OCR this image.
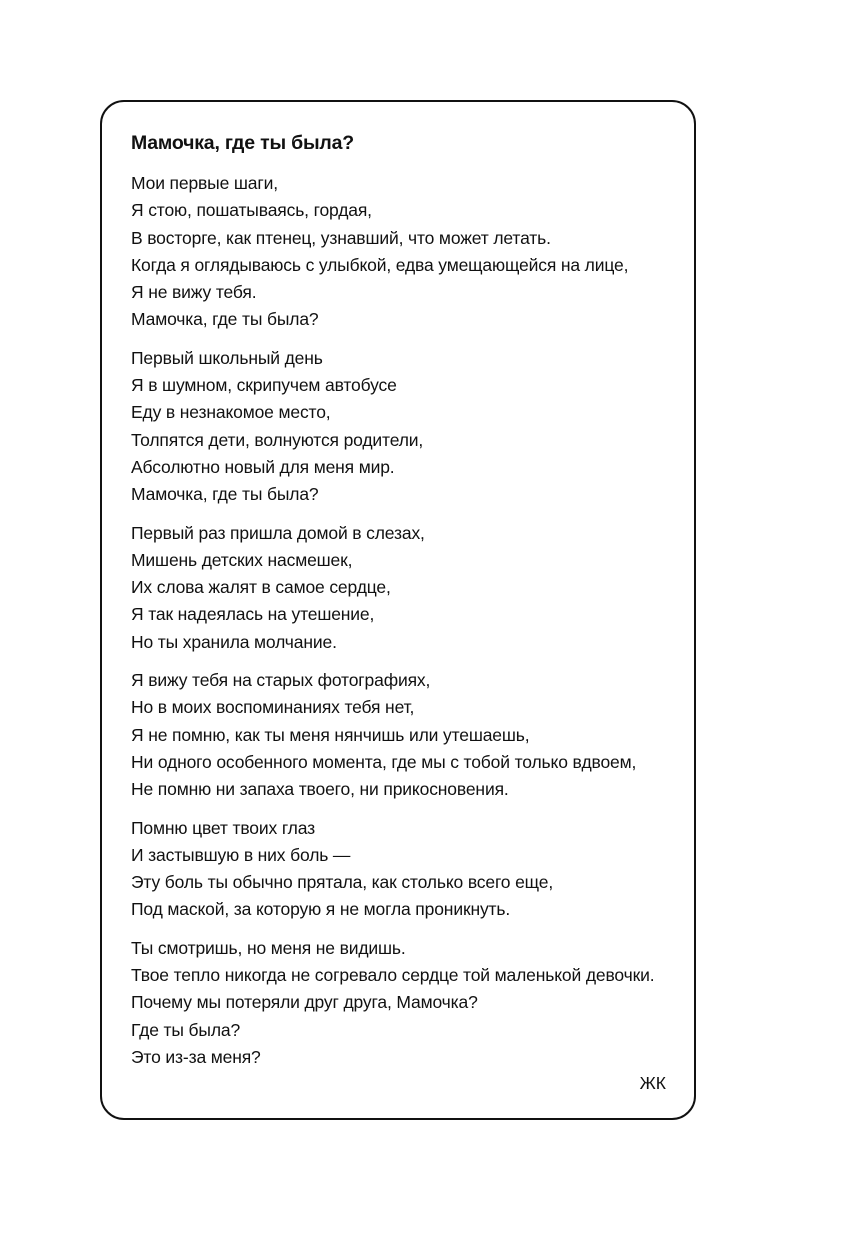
Мамочка, где ты была?
Мои первые шаги,
Я стою, пошатываясь, гордая,
В восторге, как птенец, узнавший, что может летать.
Когда я оглядываюсь с улыбкой, едва умещающейся на лице,
Я не вижу тебя.
Мамочка, где ты была?
Первый школьный день
Я в шумном, скрипучем автобусе
Еду в незнакомое место,
Толпятся дети, волнуются родители,
Абсолютно новый для меня мир.
Мамочка, где ты была?
Первый раз пришла домой в слезах,
Мишень детских насмешек,
Их слова жалят в самое сердце,
Я так надеялась на утешение,
Но ты хранила молчание.
Я вижу тебя на старых фотографиях,
Но в моих воспоминаниях тебя нет,
Я не помню, как ты меня нянчишь или утешаешь,
Ни одного особенного момента, где мы с тобой только вдвоем,
Не помню ни запаха твоего, ни прикосновения.
Помню цвет твоих глаз
И застывшую в них боль —
Эту боль ты обычно прятала, как столько всего еще,
Под маской, за которую я не могла проникнуть.
Ты смотришь, но меня не видишь.
Твое тепло никогда не согревало сердце той маленькой девочки.
Почему мы потеряли друг друга, Мамочка?
Где ты была?
Это из-за меня?
ЖК
